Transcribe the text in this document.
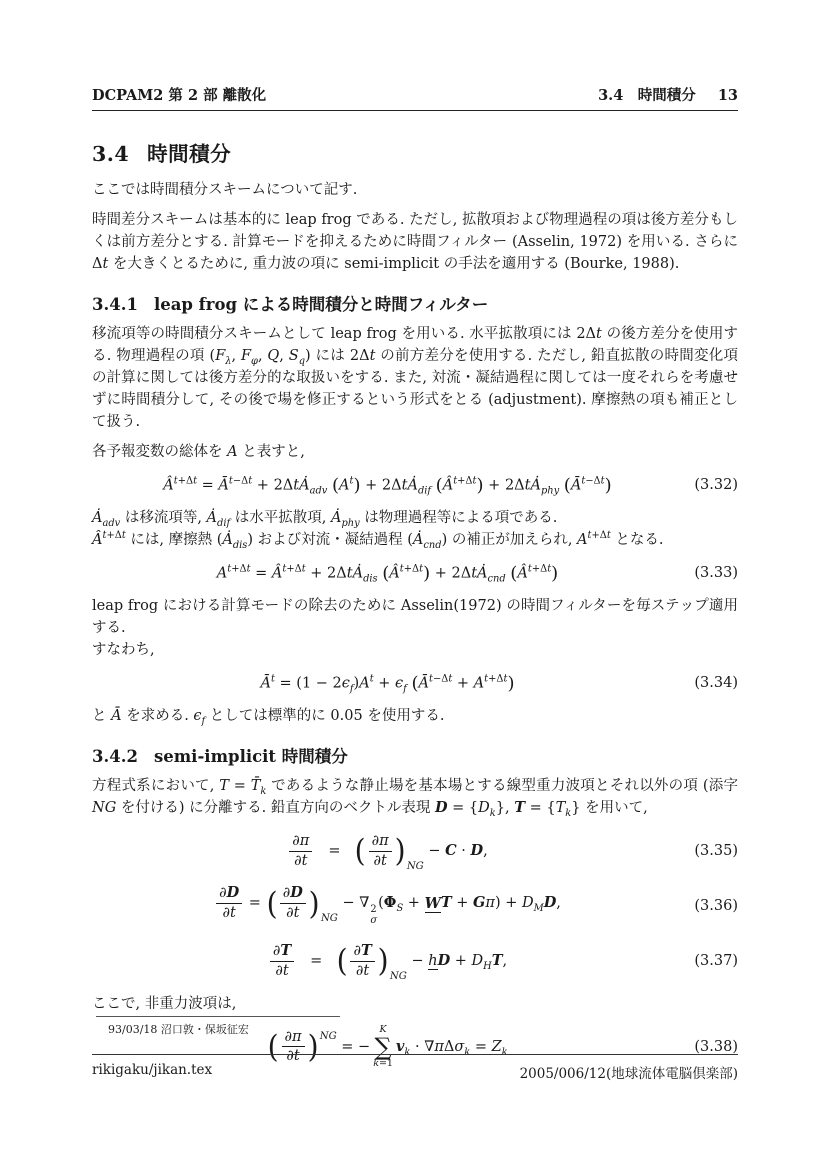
DCPAM2 第 2 部 離散化	3.4　時間積分 13
3.4 時間積分

ここでは時間積分スキームについて記す.

時間差分スキームは基本的に leap frog である. ただし, 拡散項および物理過程の項は後方差分もしくは前方差分とする. 計算モードを抑えるために時間フィルター (Asselin, 1972) を用いる. さらに Δt を大きくとるために, 重力波の項に semi-implicit の手法を適用する (Bourke, 1988).

3.4.1 leap frog による時間積分と時間フィルター

移流項等の時間積分スキームとして leap frog を用いる. 水平拡散項には 2Δt の後方差分を使用する. 物理過程の項 ($F_\lambda$, $F_\varphi$, Q, $S_q$) には 2Δt の前方差分を使用する. ただし, 鉛直拡散の時間変化項の計算に関しては後方差分的な取扱いをする. また, 対流・凝結過程に関しては一度それらを考慮せずに時間積分して, その後で場を修正するという形式をとる (adjustment). 摩擦熱の項も補正として扱う.

各予報変数の総体を A と表すと,

$Â^{t+\Delta t}$ = $Ā^{t-\Delta t}$ + 2ΔtȦ$_{adv}$ $(A^t)$ + 2ΔtȦ$_{dif}$ $(Â^{t+\Delta t})$ + 2ΔtȦ$_{phy}$ $(Ā^{t-\Delta t})$	(3.32)

$Ȧ_{adv}$ は移流項等, $Ȧ_{dif}$ は水平拡散項, $Ȧ_{phy}$ は物理過程等による項である.
$Â^{t+\Delta t}$ には, 摩擦熱 $(Ȧ_{dis})$ および対流・凝結過程 $(Ȧ_{cnd})$ の補正が加えられ, $A^{t+\Delta t}$ となる.

$A^{t+\Delta t}$ = $Â^{t+\Delta t}$ + 2ΔtȦ$_{dis}$ $(Â^{t+\Delta t})$ + 2ΔtȦ$_{cnd}$ $(Â^{t+\Delta t})$	(3.33)

leap frog における計算モードの除去のために Asselin(1972) の時間フィルターを毎ステップ適用する.
すなわち,

$Ā^t = (1 - 2\epsilon_f)A^t + \epsilon_f$ $(Ā^{t-\Delta t} + A^{t+\Delta t})$	(3.34)

と Ā を求める. $\epsilon_f$ としては標準的に 0.05 を使用する.

3.4.2 semi-implicit 時間積分

方程式系において, $T = T̄_k$ であるような静止場を基本場とする線型重力波項とそれ以外の項 (添字 NG を付ける) に分離する. 鉛直方向のベクトル表現 $D = \{D_k\}$, $T = \{T_k\}$ を用いて,

$\frac{\partial\pi}{\partial t}$ = ( $\frac{\partial\pi}{\partial t}$ ) $_{NG}$ − C · D,	(3.35)
$\frac{\partial D}{\partial t}$ = ( $\frac{\partial D}{\partial t}$ ) $_{NG}$ − ∇ 2
σ
($\Phi_S$ + WT + $G\pi) + D_MD$,	(3.36)
$\frac{\partial T}{\partial t}$ = ( $\frac{\partial T}{\partial t}$ ) $_{NG}$ − hD + $D_HT$,	(3.37)

ここで, 非重力波項は,

( $\frac{\partial\pi}{\partial t}$ ) $^{NG}$ = −
K
∑
k=1
$v_k \cdot \nabla\pi\Delta\sigma_k = Z_k$	(3.38)
93/03/18 沼口敦・保坂征宏
rikigaku/jikan.tex	2005/006/12(地球流体電脳倶楽部)
